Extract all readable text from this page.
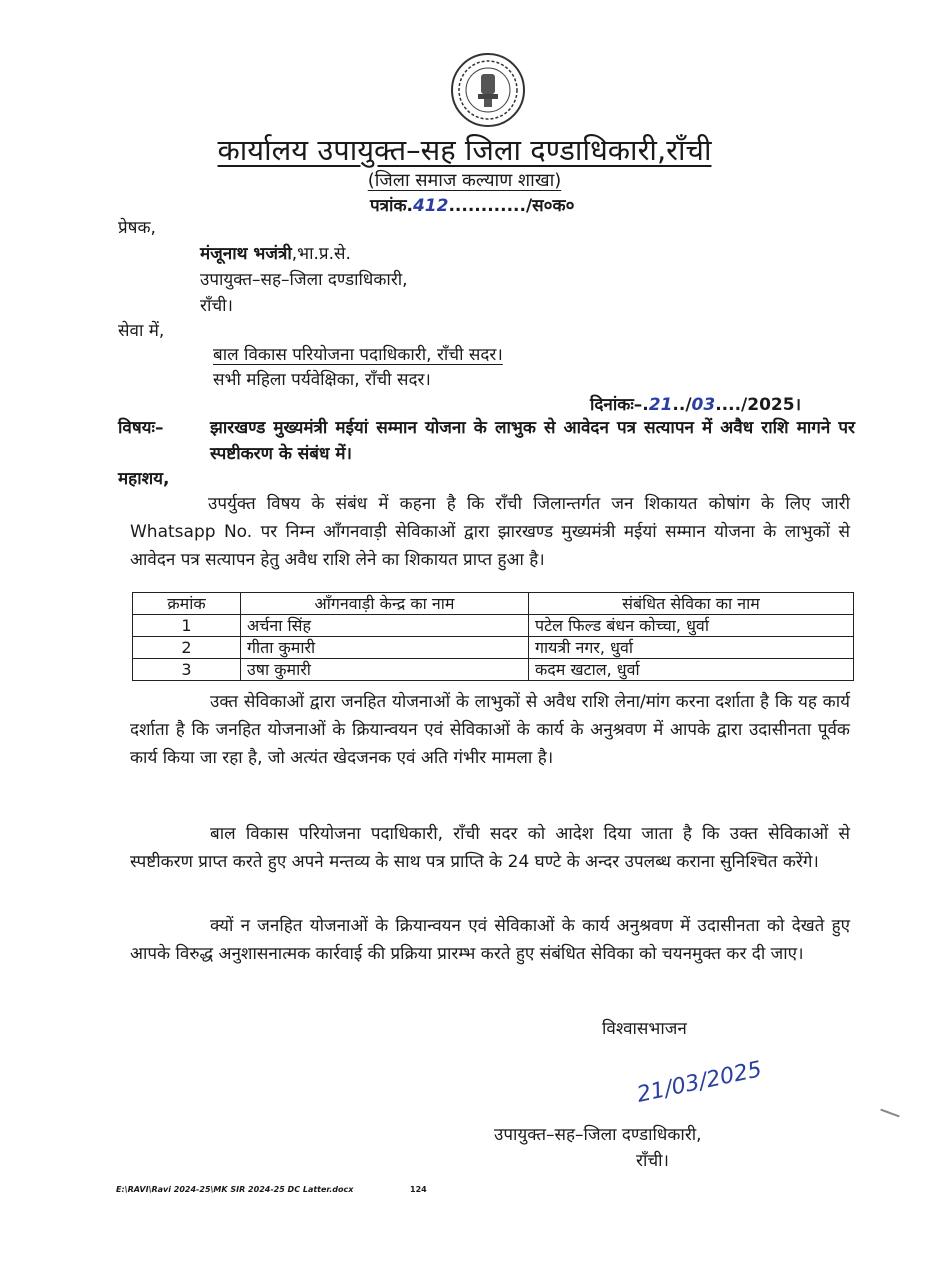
कार्यालय उपायुक्त–सह जिला दण्डाधिकारी,राँची
(जिला समाज कल्याण शाखा)
पत्रांक.412............/स०क०
प्रेषक,
मंजूनाथ भजंत्री,भा.प्र.से.
उपायुक्त–सह–जिला दण्डाधिकारी,
राँची।
सेवा में,
बाल विकास परियोजना पदाधिकारी, राँची सदर।
सभी महिला पर्यवेक्षिका, राँची सदर।
दिनांकः–.21../03..../2025।
विषयः–	झारखण्ड मुख्यमंत्री मईयां सम्मान योजना के लाभुक से आवेदन पत्र सत्यापन में अवैध राशि मागने पर स्पष्टीकरण के संबंध में।
महाशय,
उपर्युक्त विषय के संबंध में कहना है कि राँची जिलान्तर्गत जन शिकायत कोषांग के लिए जारी Whatsapp No. पर निम्न आँगनवाड़ी सेविकाओं द्वारा झारखण्ड मुख्यमंत्री मईयां सम्मान योजना के लाभुकों से आवेदन पत्र सत्यापन हेतु अवैध राशि लेने का शिकायत प्राप्त हुआ है।
क्रमांक	आँगनवाड़ी केन्द्र का नाम	संबंधित सेविका का नाम
1	अर्चना सिंह	पटेल फिल्ड बंधन कोच्चा, धुर्वा
2	गीता कुमारी	गायत्री नगर, धुर्वा
3	उषा कुमारी	कदम खटाल, धुर्वा
उक्त सेविकाओं द्वारा जनहित योजनाओं के लाभुकों से अवैध राशि लेना/मांग करना दर्शाता है कि यह कार्य दर्शाता है कि जनहित योजनाओं के क्रियान्वयन एवं सेविकाओं के कार्य के अनुश्रवण में आपके द्वारा उदासीनता पूर्वक कार्य किया जा रहा है, जो अत्यंत खेदजनक एवं अति गंभीर मामला है।
बाल विकास परियोजना पदाधिकारी, राँची सदर को आदेश दिया जाता है कि उक्त सेविकाओं से स्पष्टीकरण प्राप्त करते हुए अपने मन्तव्य के साथ पत्र प्राप्ति के 24 घण्टे के अन्दर उपलब्ध कराना सुनिश्चित करेंगे।
क्यों न जनहित योजनाओं के क्रियान्वयन एवं सेविकाओं के कार्य अनुश्रवण में उदासीनता को देखते हुए आपके विरुद्ध अनुशासनात्मक कार्रवाई की प्रक्रिया प्रारम्भ करते हुए संबंधित सेविका को चयनमुक्त कर दी जाए।
विश्वासभाजन
21/03/2025
उपायुक्त–सह–जिला दण्डाधिकारी,
राँची।
E:\RAVI\Ravi 2024-25\MK SIR 2024-25 DC Latter.docx	124
